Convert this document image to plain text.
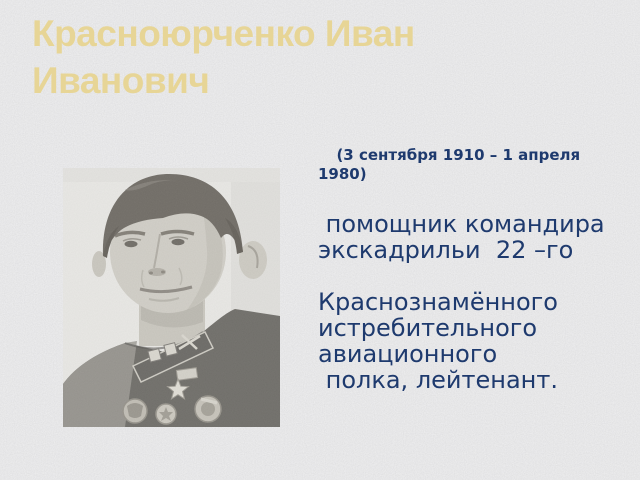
Красноюрченко Иван Иванович

(3 сентября 1910 – 1 апреля 1980)

помощник командира экскадрильи  22 –го

Краснознамённого истребительного авиационного

полка, лейтенант.
